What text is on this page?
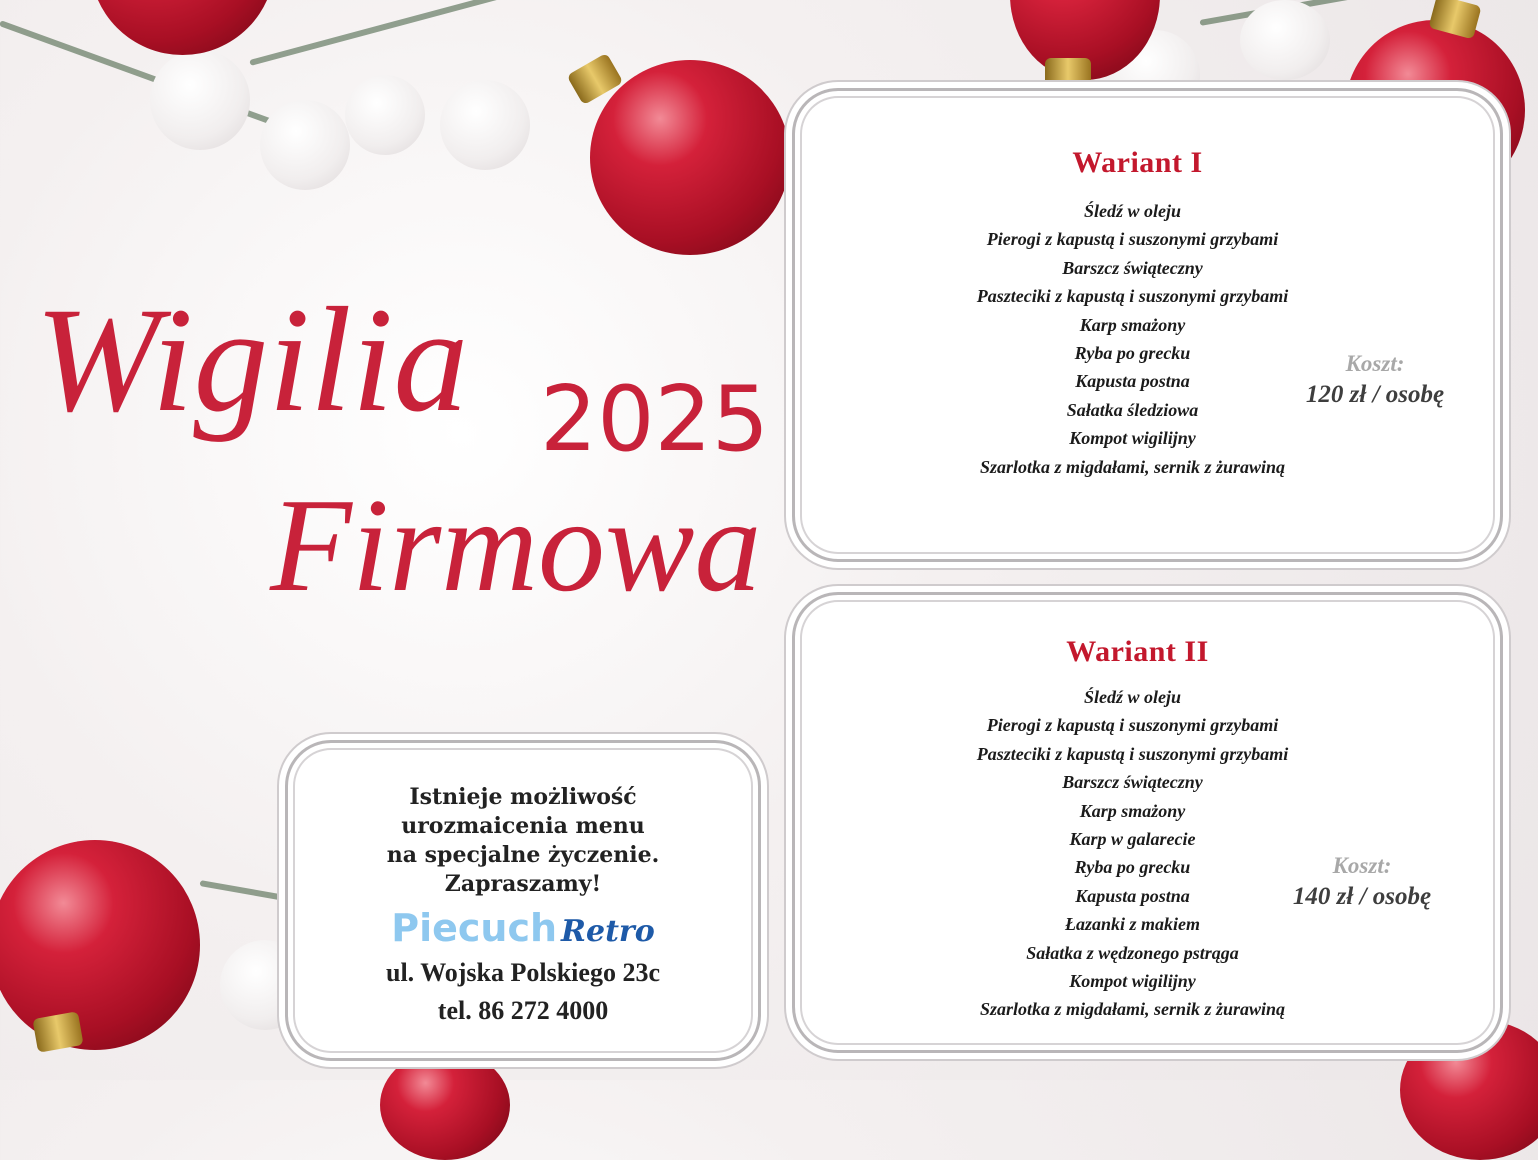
Wigilia 2025
Firmowa
Wariant I
Śledź w oleju
Pierogi z kapustą i suszonymi grzybami
Barszcz świąteczny
Paszteciki z kapustą i suszonymi grzybami
Karp smażony
Ryba po grecku
Kapusta postna
Sałatka śledziowa
Kompot wigilijny
Szarlotka z migdałami, sernik z żurawiną
Koszt:
120 zł / osobę
Wariant II
Śledź w oleju
Pierogi z kapustą i suszonymi grzybami
Paszteciki z kapustą i suszonymi grzybami
Barszcz świąteczny
Karp smażony
Karp w galarecie
Ryba po grecku
Kapusta postna
Łazanki z makiem
Sałatka z wędzonego pstrąga
Kompot wigilijny
Szarlotka z migdałami, sernik z żurawiną
Koszt:
140 zł / osobę
Istnieje możliwość
urozmaicenia menu
na specjalne życzenie.
Zapraszamy!
Piecuch Retro
ul. Wojska Polskiego 23c
tel. 86 272 4000
